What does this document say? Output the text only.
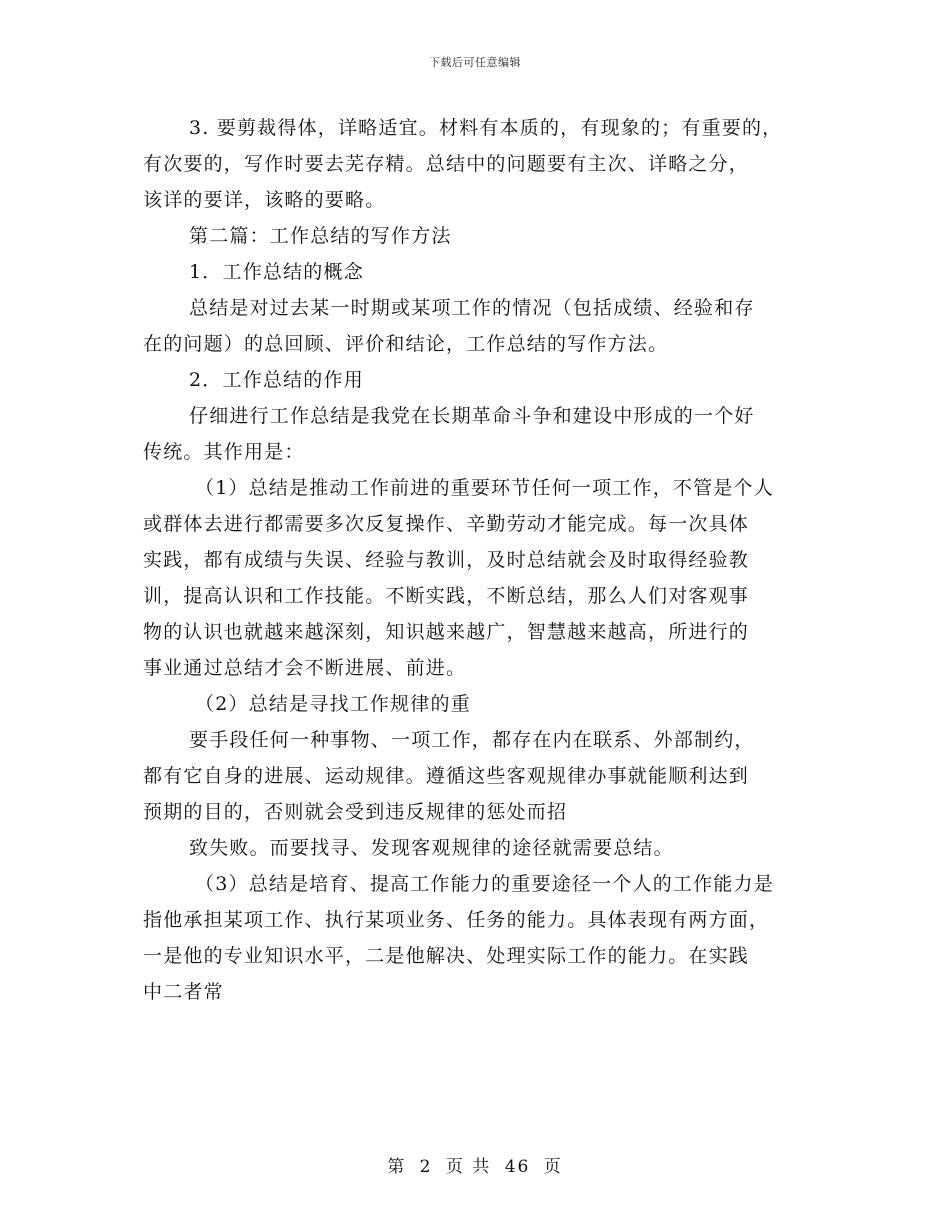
下载后可任意编辑
3. 要剪裁得体，详略适宜。材料有本质的，有现象的；有重要的，
有次要的，写作时要去芜存精。总结中的问题要有主次、详略之分，
该详的要详，该略的要略。
第二篇：工作总结的写作方法
1．工作总结的概念
总结是对过去某一时期或某项工作的情况（包括成绩、经验和存
在的问题）的总回顾、评价和结论，工作总结的写作方法。
2．工作总结的作用
仔细进行工作总结是我党在长期革命斗争和建设中形成的一个好
传统。其作用是：
（1）总结是推动工作前进的重要环节任何一项工作，不管是个人
或群体去进行都需要多次反复操作、辛勤劳动才能完成。每一次具体
实践，都有成绩与失误、经验与教训，及时总结就会及时取得经验教
训，提高认识和工作技能。不断实践，不断总结，那么人们对客观事
物的认识也就越来越深刻，知识越来越广，智慧越来越高，所进行的
事业通过总结才会不断进展、前进。
（2）总结是寻找工作规律的重
要手段任何一种事物、一项工作，都存在内在联系、外部制约，
都有它自身的进展、运动规律。遵循这些客观规律办事就能顺利达到
预期的目的，否则就会受到违反规律的惩处而招
致失败。而要找寻、发现客观规律的途径就需要总结。
（3）总结是培育、提高工作能力的重要途径一个人的工作能力是
指他承担某项工作、执行某项业务、任务的能力。具体表现有两方面，
一是他的专业知识水平，二是他解决、处理实际工作的能力。在实践
中二者常
第 2 页 共 46 页
